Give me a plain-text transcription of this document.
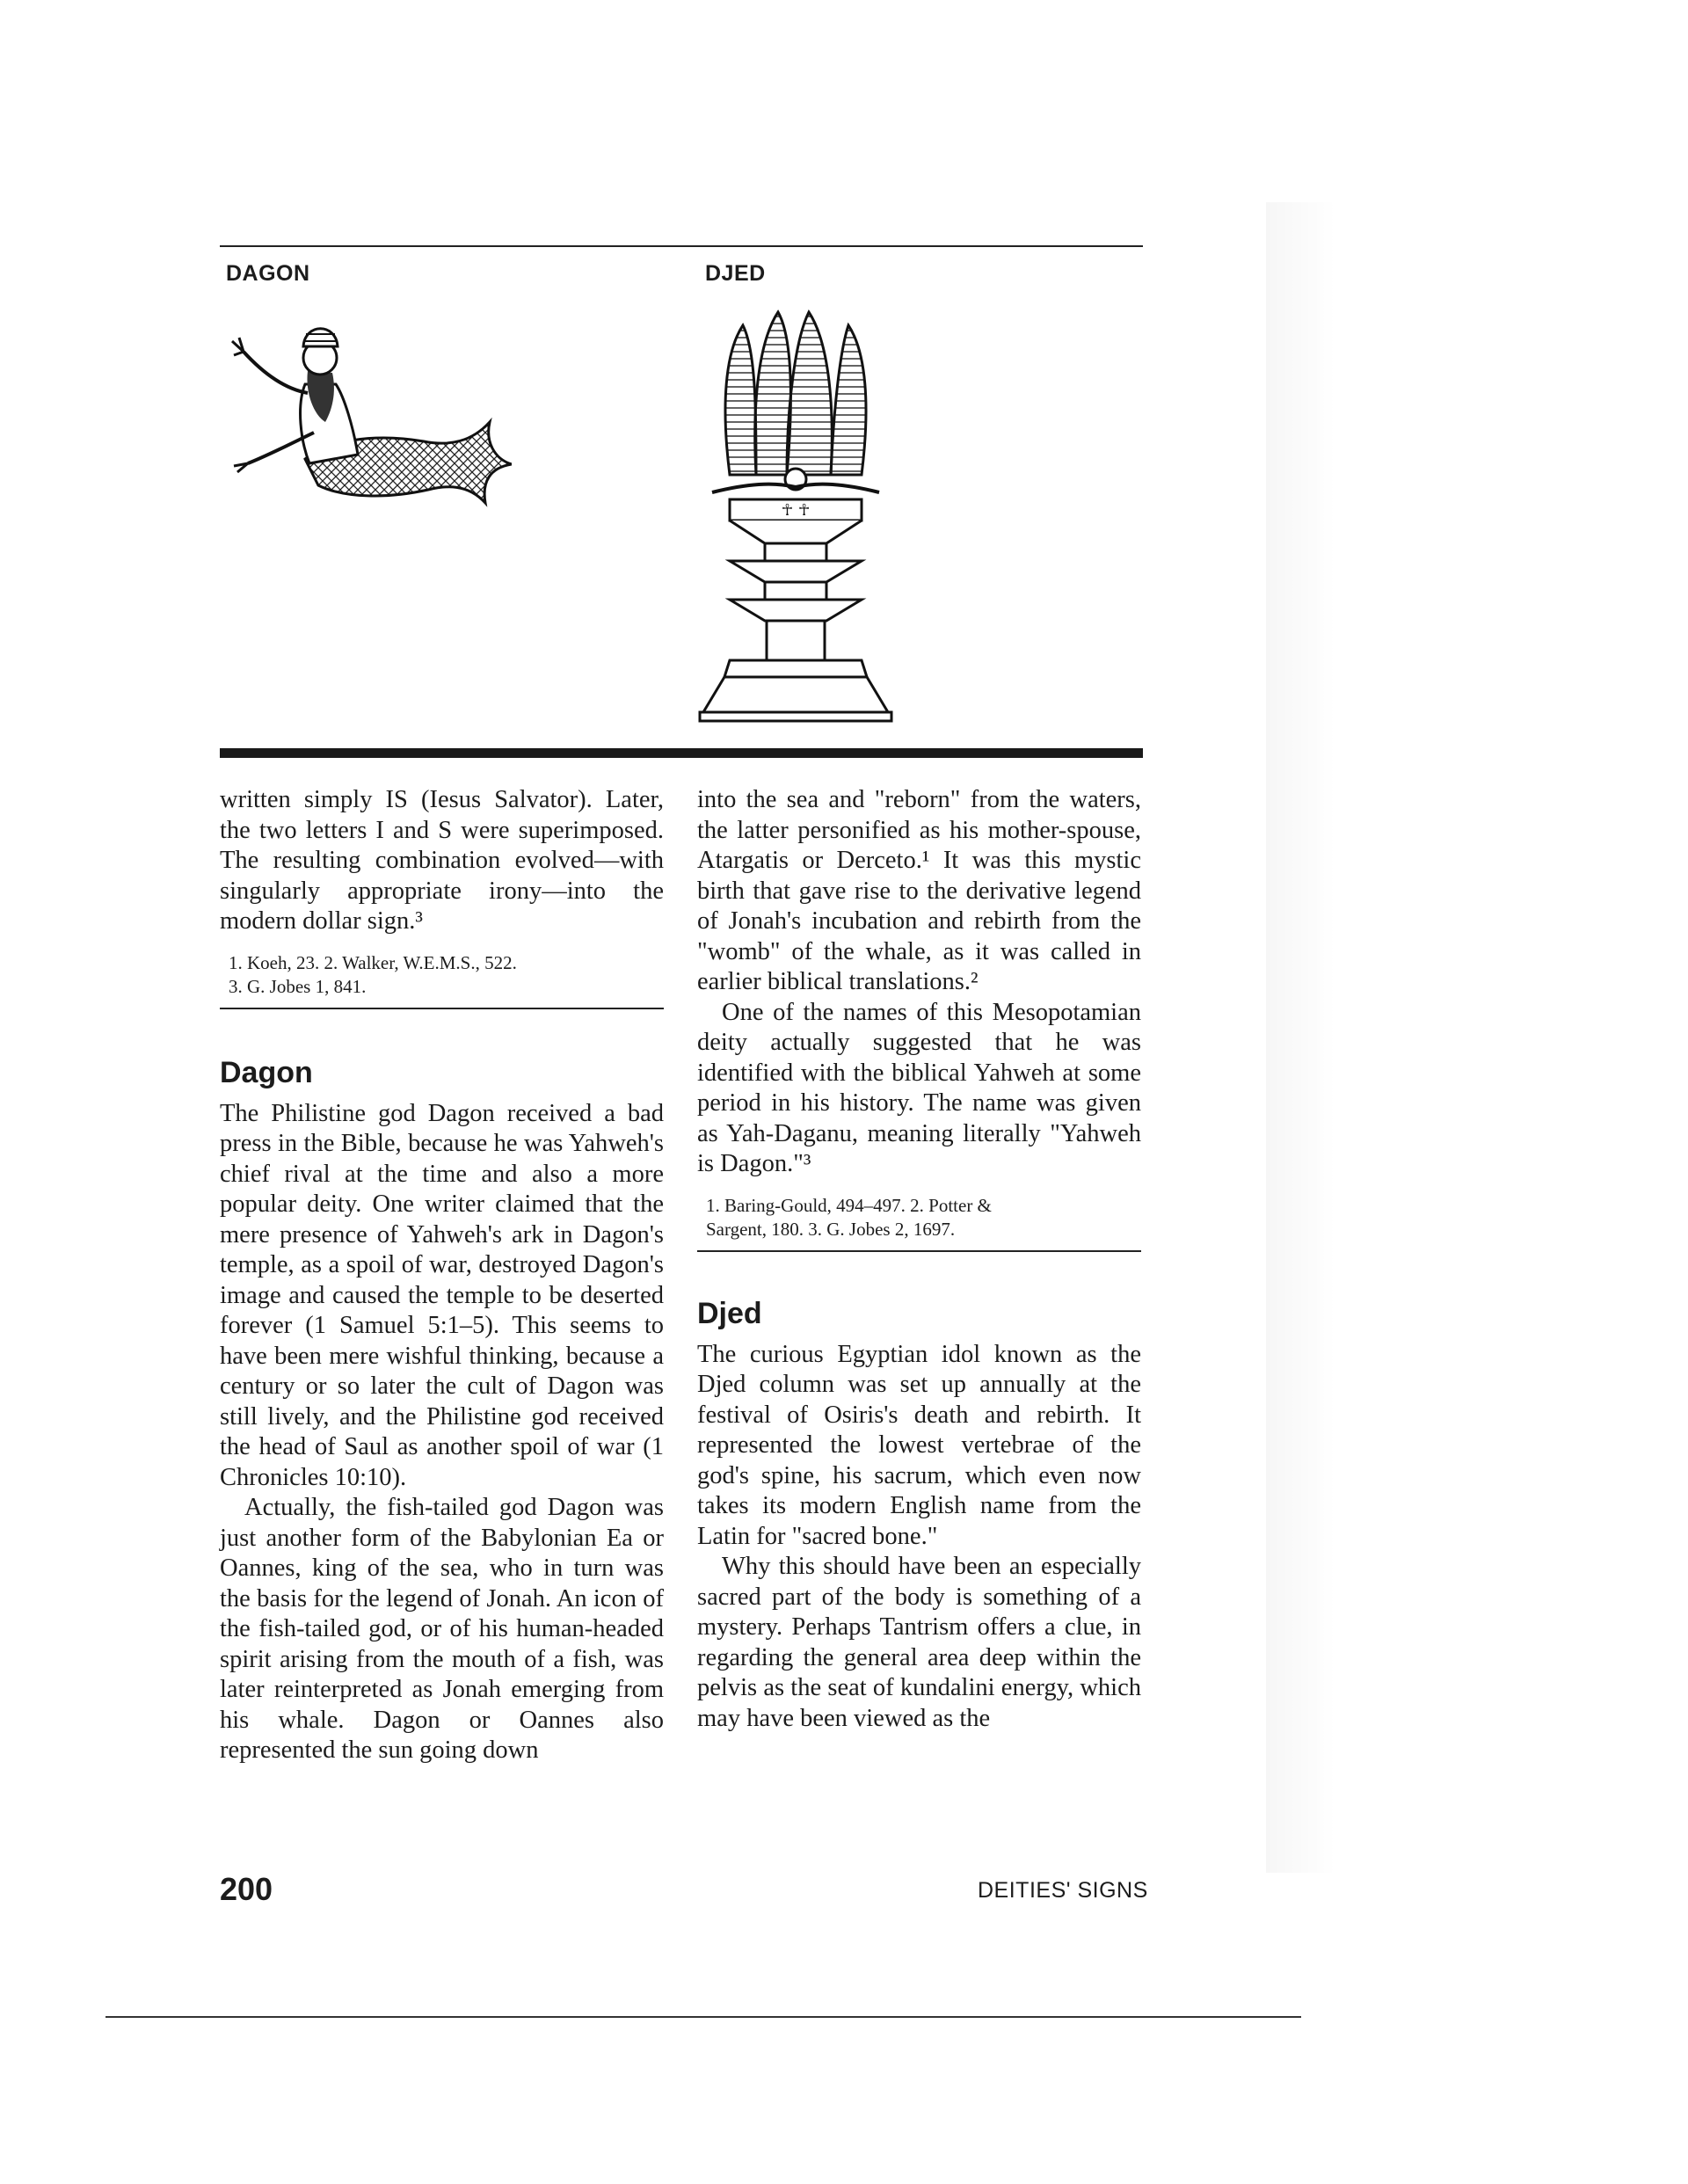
DAGON	DJED
☥ ☥

written simply IS (Iesus Salvator). Later, the two letters I and S were superimposed. The resulting combination evolved—with singularly appropriate irony—into the modern dollar sign.³

1. Koeh, 23. 2. Walker, W.E.M.S., 522.
3. G. Jobes 1, 841.
Dagon

The Philistine god Dagon received a bad press in the Bible, because he was Yahweh's chief rival at the time and also a more popular deity. One writer claimed that the mere presence of Yahweh's ark in Dagon's temple, as a spoil of war, destroyed Dagon's image and caused the temple to be deserted forever (1 Samuel 5:1–5). This seems to have been mere wishful thinking, because a century or so later the cult of Dagon was still lively, and the Philistine god received the head of Saul as another spoil of war (1 Chronicles 10:10).

Actually, the fish-tailed god Dagon was just another form of the Babylonian Ea or Oannes, king of the sea, who in turn was the basis for the legend of Jonah. An icon of the fish-tailed god, or of his human-headed spirit arising from the mouth of a fish, was later reinterpreted as Jonah emerging from his whale. Dagon or Oannes also represented the sun going down

into the sea and "reborn" from the waters, the latter personified as his mother-spouse, Atargatis or Derceto.¹ It was this mystic birth that gave rise to the derivative legend of Jonah's incubation and rebirth from the "womb" of the whale, as it was called in earlier biblical translations.²

One of the names of this Mesopotamian deity actually suggested that he was identified with the biblical Yahweh at some period in his history. The name was given as Yah-Daganu, meaning literally "Yahweh is Dagon."³

1. Baring-Gould, 494–497. 2. Potter &
Sargent, 180. 3. G. Jobes 2, 1697.
Djed

The curious Egyptian idol known as the Djed column was set up annually at the festival of Osiris's death and rebirth. It represented the lowest vertebrae of the god's spine, his sacrum, which even now takes its modern English name from the Latin for "sacred bone."

Why this should have been an especially sacred part of the body is something of a mystery. Perhaps Tantrism offers a clue, in regarding the general area deep within the pelvis as the seat of kundalini energy, which may have been viewed as the

200	DEITIES' SIGNS
